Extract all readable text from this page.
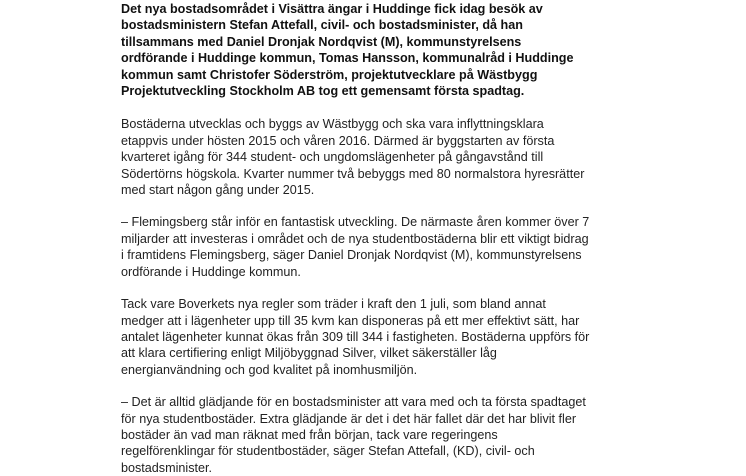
Det nya bostadsområdet i Visättra ängar i Huddinge fick idag besök av bostadsministern Stefan Attefall, civil- och bostadsminister, då han tillsammans med Daniel Dronjak Nordqvist (M), kommunstyrelsens ordförande i Huddinge kommun, Tomas Hansson, kommunalråd i Huddinge kommun samt Christofer Söderström, projektutvecklare på Wästbygg Projektutveckling Stockholm AB tog ett gemensamt första spadtag.

Bostäderna utvecklas och byggs av Wästbygg och ska vara inflyttningsklara etappvis under hösten 2015 och våren 2016. Därmed är byggstarten av första kvarteret igång för 344 student- och ungdomslägenheter på gångavstånd till Södertörns högskola. Kvarter nummer två bebyggs med 80 normalstora hyresrätter med start någon gång under 2015.

– Flemingsberg står inför en fantastisk utveckling. De närmaste åren kommer över 7 miljarder att investeras i området och de nya studentbostäderna blir ett viktigt bidrag i framtidens Flemingsberg, säger Daniel Dronjak Nordqvist (M), kommunstyrelsens ordförande i Huddinge kommun.

Tack vare Boverkets nya regler som träder i kraft den 1 juli, som bland annat medger att i lägenheter upp till 35 kvm kan disponeras på ett mer effektivt sätt, har antalet lägenheter kunnat ökas från 309 till 344 i fastigheten. Bostäderna uppförs för att klara certifiering enligt Miljöbyggnad Silver, vilket säkerställer låg energianvändning och god kvalitet på inomhusmiljön.

– Det är alltid glädjande för en bostadsminister att vara med och ta första spadtaget för nya studentbostäder. Extra glädjande är det i det här fallet där det har blivit fler bostäder än vad man räknat med från början, tack vare regeringens regelförenklingar för studentbostäder, säger Stefan Attefall, (KD), civil- och bostadsminister.
